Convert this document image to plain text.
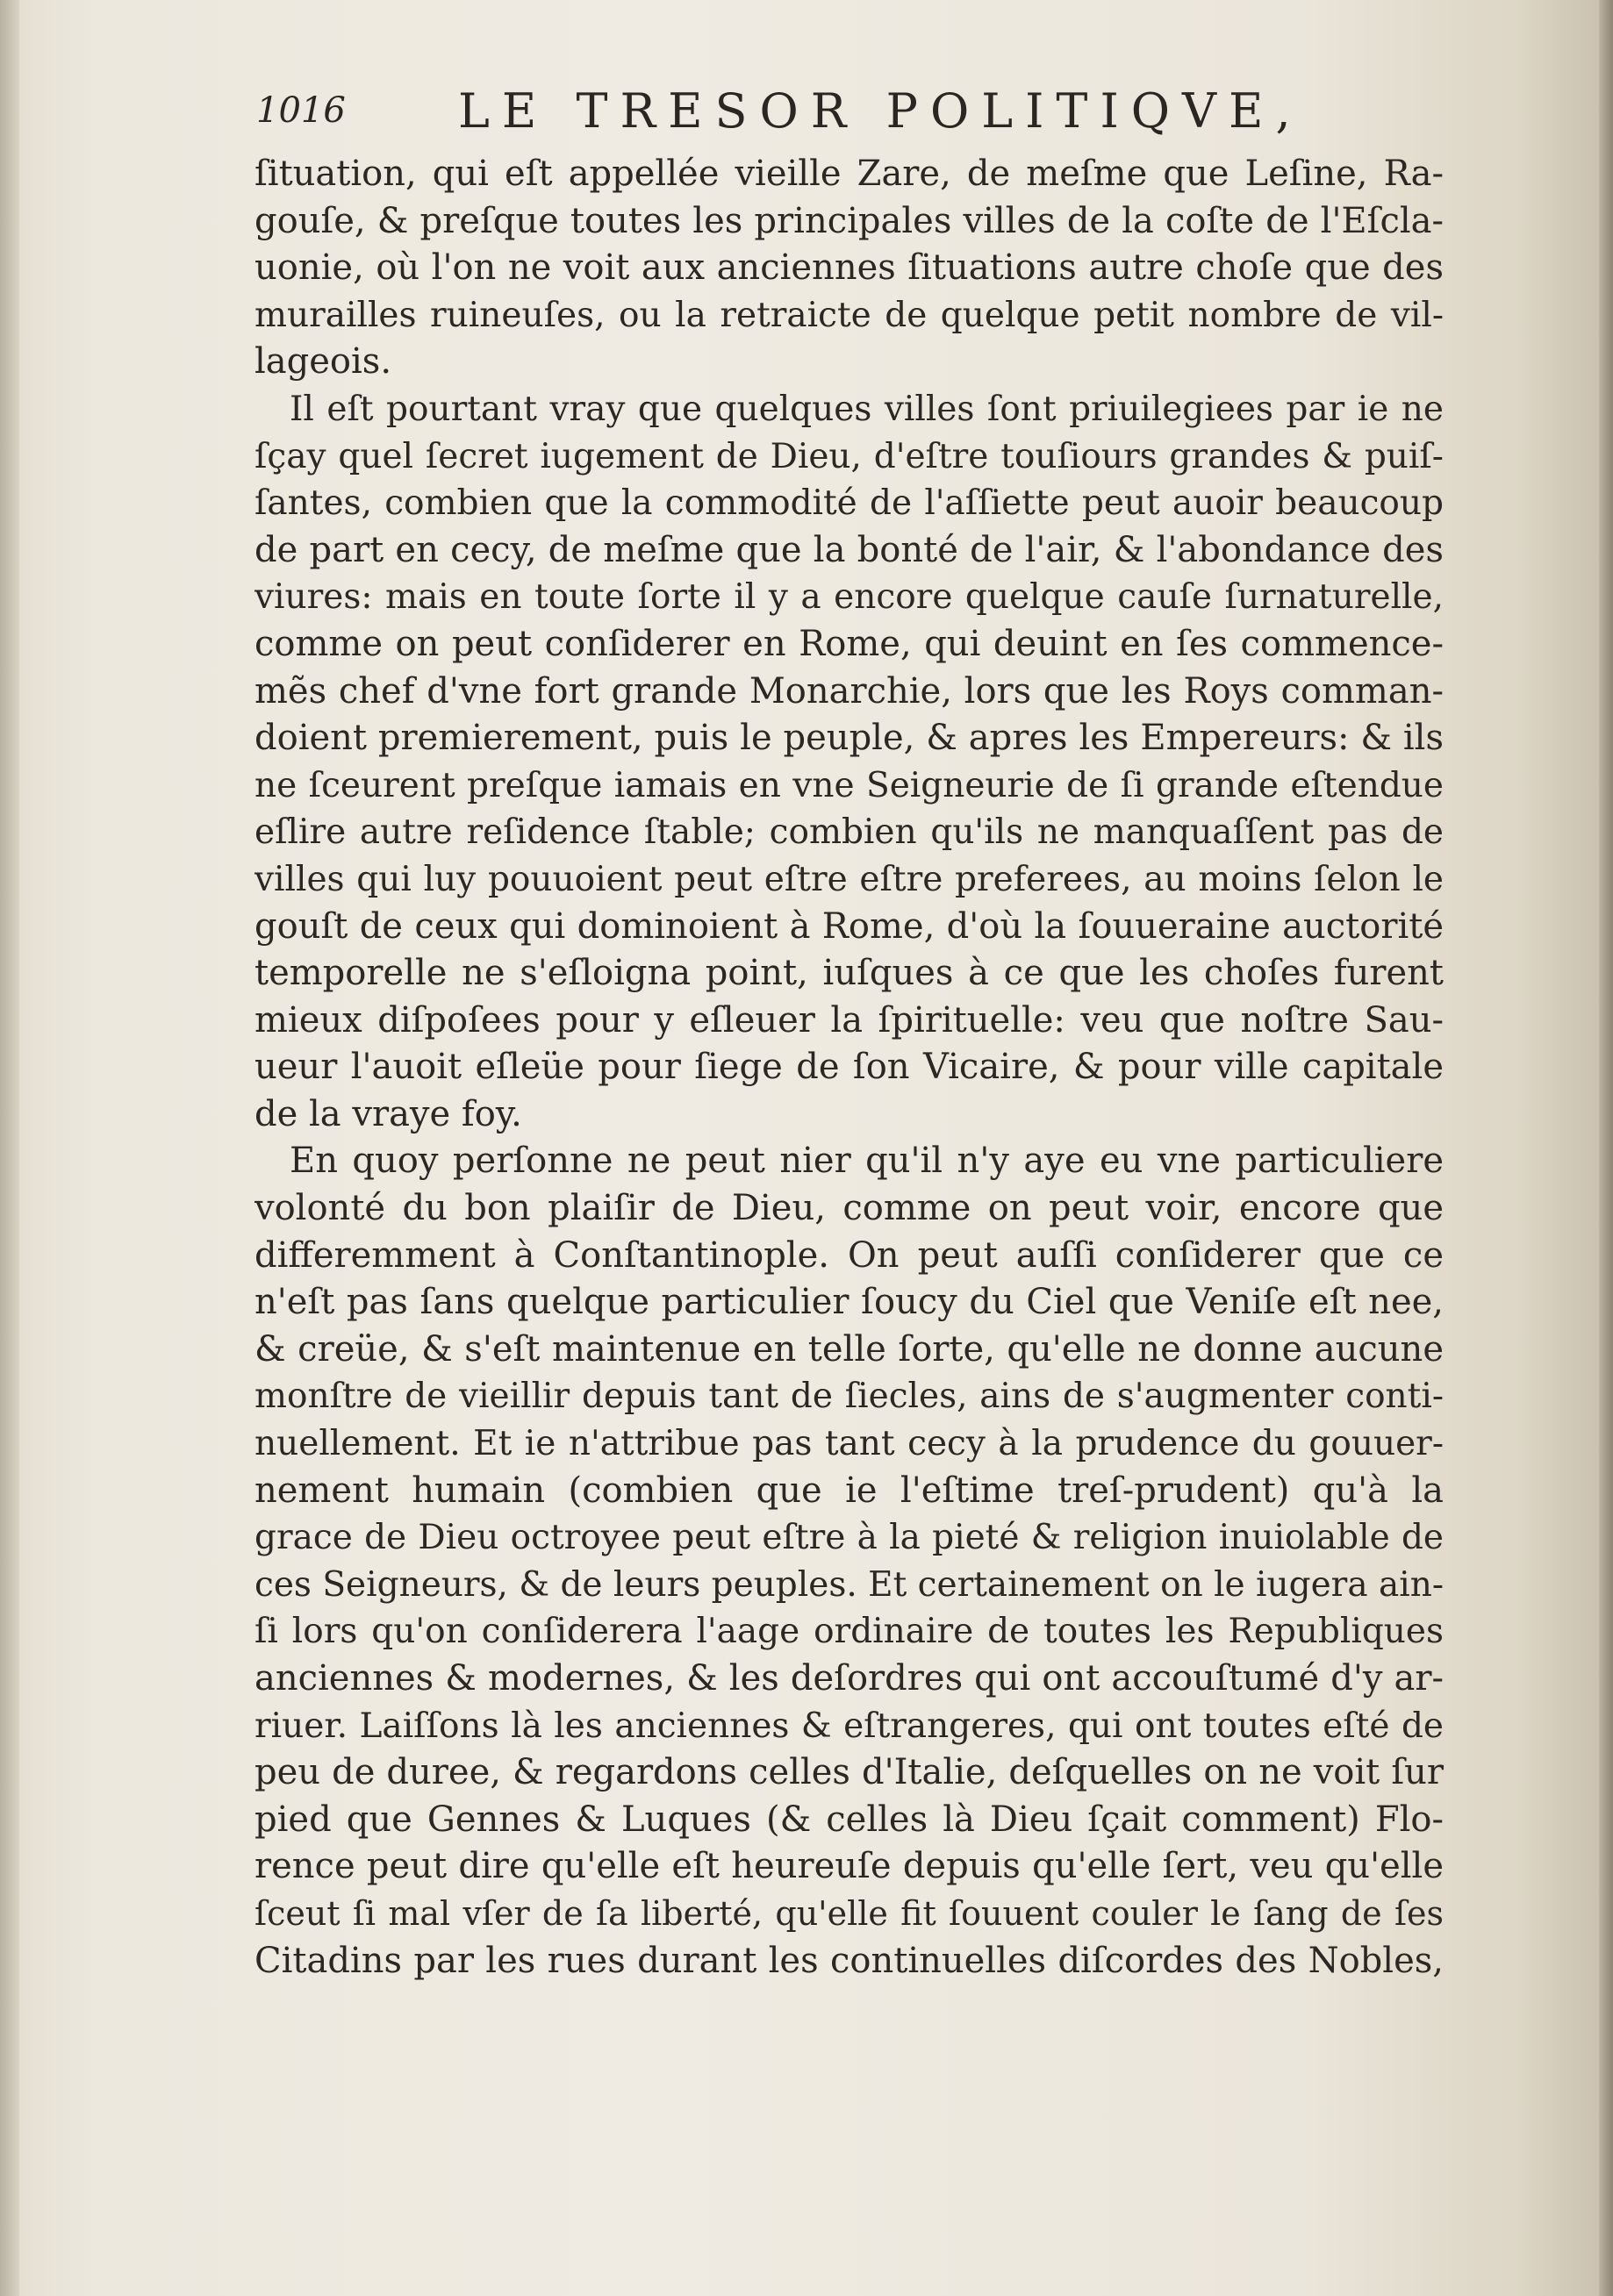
1016 LE TRESOR POLITIQVE,
ſituation, qui eſt appellée vieille Zare, de meſme que Leſine, Ra-
gouſe, & preſque toutes les principales villes de la coſte de l'Eſcla-
uonie, où l'on ne voit aux anciennes ſituations autre choſe que des
murailles ruineuſes, ou la retraicte de quelque petit nombre de vil-
lageois.
Il eſt pourtant vray que quelques villes ſont priuilegiees par ie ne
ſçay quel ſecret iugement de Dieu, d'eſtre touſiours grandes & puiſ-
ſantes, combien que la commodité de l'aſſiette peut auoir beaucoup
de part en cecy, de meſme que la bonté de l'air, & l'abondance des
viures: mais en toute ſorte il y a encore quelque cauſe ſurnaturelle,
comme on peut conſiderer en Rome, qui deuint en ſes commence-
mẽs chef d'vne fort grande Monarchie, lors que les Roys comman-
doient premierement, puis le peuple, & apres les Empereurs: & ils
ne ſceurent preſque iamais en vne Seigneurie de ſi grande eſtendue
eſlire autre reſidence ſtable; combien qu'ils ne manquaſſent pas de
villes qui luy pouuoient peut eſtre eſtre preferees, au moins ſelon le
gouſt de ceux qui dominoient à Rome, d'où la ſouueraine auctorité
temporelle ne s'eſloigna point, iuſques à ce que les choſes furent
mieux diſpoſees pour y eſleuer la ſpirituelle: veu que noſtre Sau-
ueur l'auoit eſleüe pour ſiege de ſon Vicaire, & pour ville capitale
de la vraye foy.
En quoy perſonne ne peut nier qu'il n'y aye eu vne particuliere
volonté du bon plaiſir de Dieu, comme on peut voir, encore que
differemment à Conſtantinople. On peut auſſi conſiderer que ce
n'eſt pas ſans quelque particulier ſoucy du Ciel que Veniſe eſt nee,
& creüe, & s'eſt maintenue en telle ſorte, qu'elle ne donne aucune
monſtre de vieillir depuis tant de ſiecles, ains de s'augmenter conti-
nuellement. Et ie n'attribue pas tant cecy à la prudence du gouuer-
nement humain (combien que ie l'eſtime treſ-prudent) qu'à la
grace de Dieu octroyee peut eſtre à la pieté & religion inuiolable de
ces Seigneurs, & de leurs peuples. Et certainement on le iugera ain-
ſi lors qu'on conſiderera l'aage ordinaire de toutes les Republiques
anciennes & modernes, & les deſordres qui ont accouſtumé d'y ar-
riuer. Laiſſons là les anciennes & eſtrangeres, qui ont toutes eſté de
peu de duree, & regardons celles d'Italie, deſquelles on ne voit ſur
pied que Gennes & Luques (& celles là Dieu ſçait comment) Flo-
rence peut dire qu'elle eſt heureuſe depuis qu'elle ſert, veu qu'elle
ſceut ſi mal vſer de ſa liberté, qu'elle fit ſouuent couler le ſang de ſes
Citadins par les rues durant les continuelles diſcordes des Nobles,
